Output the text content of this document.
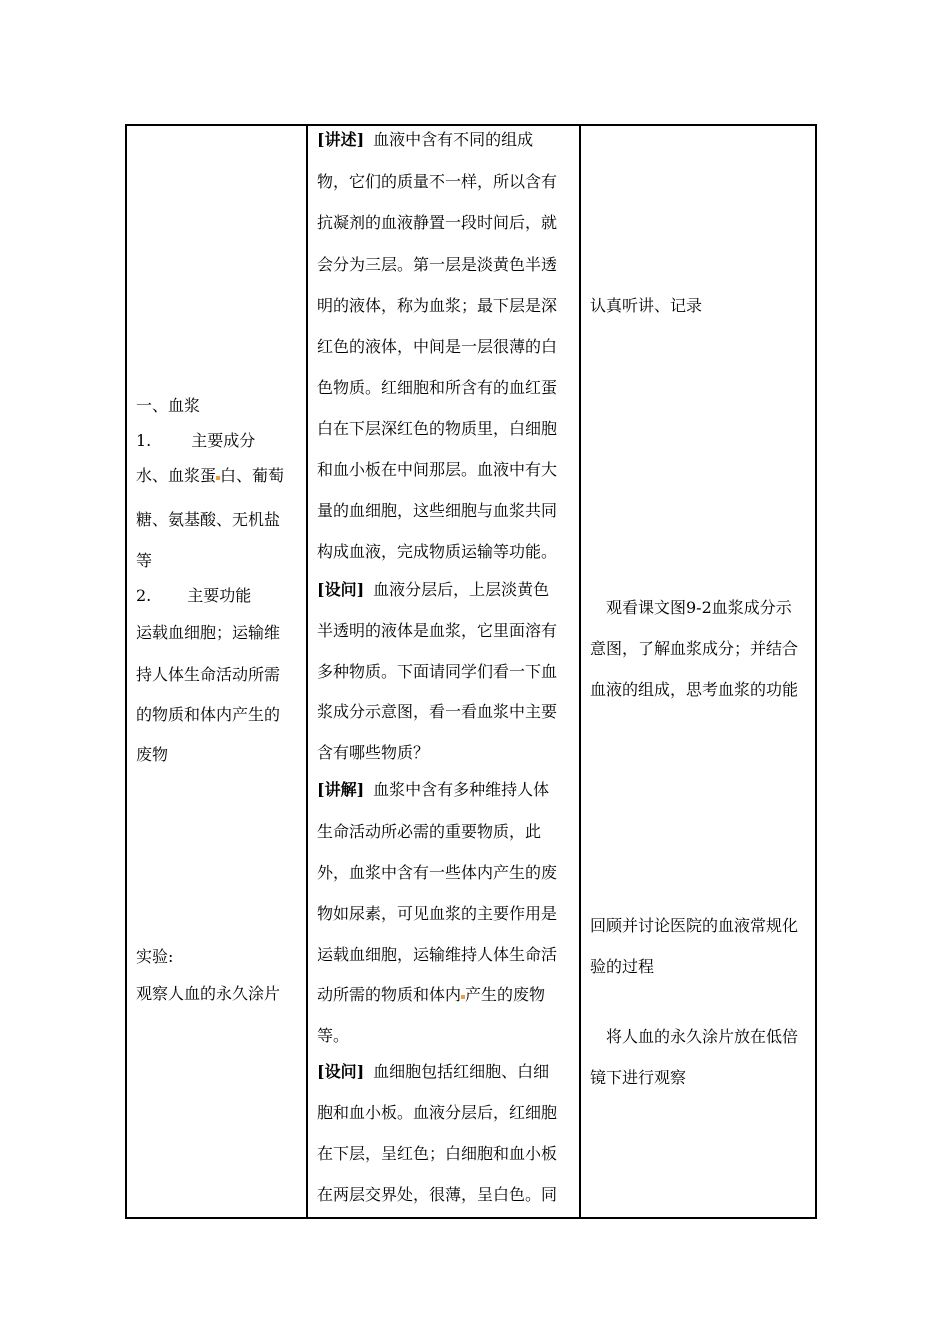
一、血浆
1.	主要成分
水、血浆蛋 白、葡萄
糖、氨基酸、无机盐
等
2. 主要功能
运载血细胞；运输维
持人体生命活动所需
的物质和体内产生的
废物
实验:
观察人血的永久涂片
[讲述] 血液中含有不同的组成
物，它们的质量不一样，所以含有
抗凝剂的血液静置一段时间后，就
会分为三层。第一层是淡黄色半透
明的液体，称为血浆；最下层是深
红色的液体，中间是一层很薄的白
色物质。红细胞和所含有的血红蛋
白在下层深红色的物质里，白细胞
和血小板在中间那层。血液中有大
量的血细胞，这些细胞与血浆共同
构成血液，完成物质运输等功能。
[设问] 血液分层后，上层淡黄色
半透明的液体是血浆，它里面溶有
多种物质。下面请同学们看一下血
浆成分示意图，看一看血浆中主要
含有哪些物质？
[讲解] 血浆中含有多种维持人体
生命活动所必需的重要物质，此
外，血浆中含有一些体内产生的废
物如尿素，可见血浆的主要作用是
运载血细胞，运输维持人体生命活
动所需的物质和体内 产生的废物
等。
[设问] 血细胞包括红细胞、白细
胞和血小板。血液分层后，红细胞
在下层，呈红色；白细胞和血小板
在两层交界处，很薄，呈白色。同
认真听讲、记录
观看课文图9-2血浆成分示
意图，了解血浆成分；并结合
血液的组成，思考血浆的功能
回顾并讨论医院的血液常规化
验的过程
将人血的永久涂片放在低倍
镜下进行观察
